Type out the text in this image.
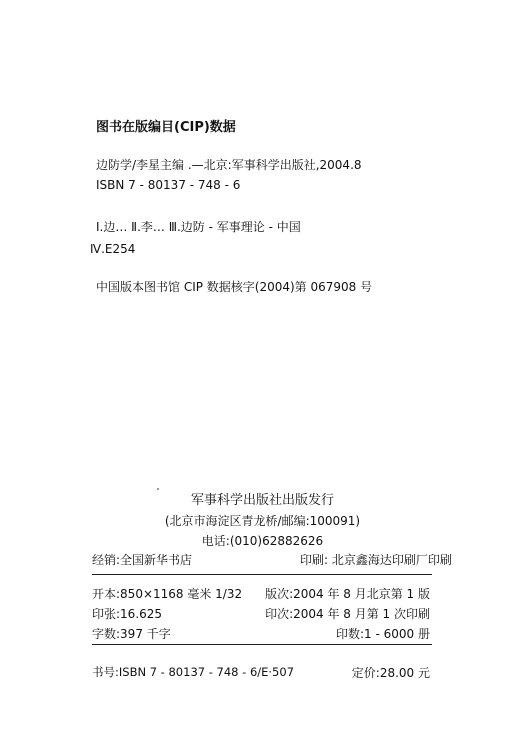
图书在版编目(CIP)数据
边防学/李星主编 .—北京:军事科学出版社,2004.8
ISBN 7 - 80137 - 748 - 6
Ⅰ.边… Ⅱ.李… Ⅲ.边防 - 军事理论 - 中国
Ⅳ.E254
中国版本图书馆 CIP 数据核字(2004)第 067908 号
军事科学出版社出版发行
(北京市海淀区青龙桥/邮编:100091)
电话:(010)62882626
经销:全国新华书店	印刷: 北京鑫海达印刷厂印刷
开本:850×1168 毫米 1/32
印张:16.625
字数:397 千字
版次:2004 年 8 月北京第 1 版
印次:2004 年 8 月第 1 次印刷
印数:1 - 6000 册
书号:ISBN 7 - 80137 - 748 - 6/E·507	定价:28.00 元
